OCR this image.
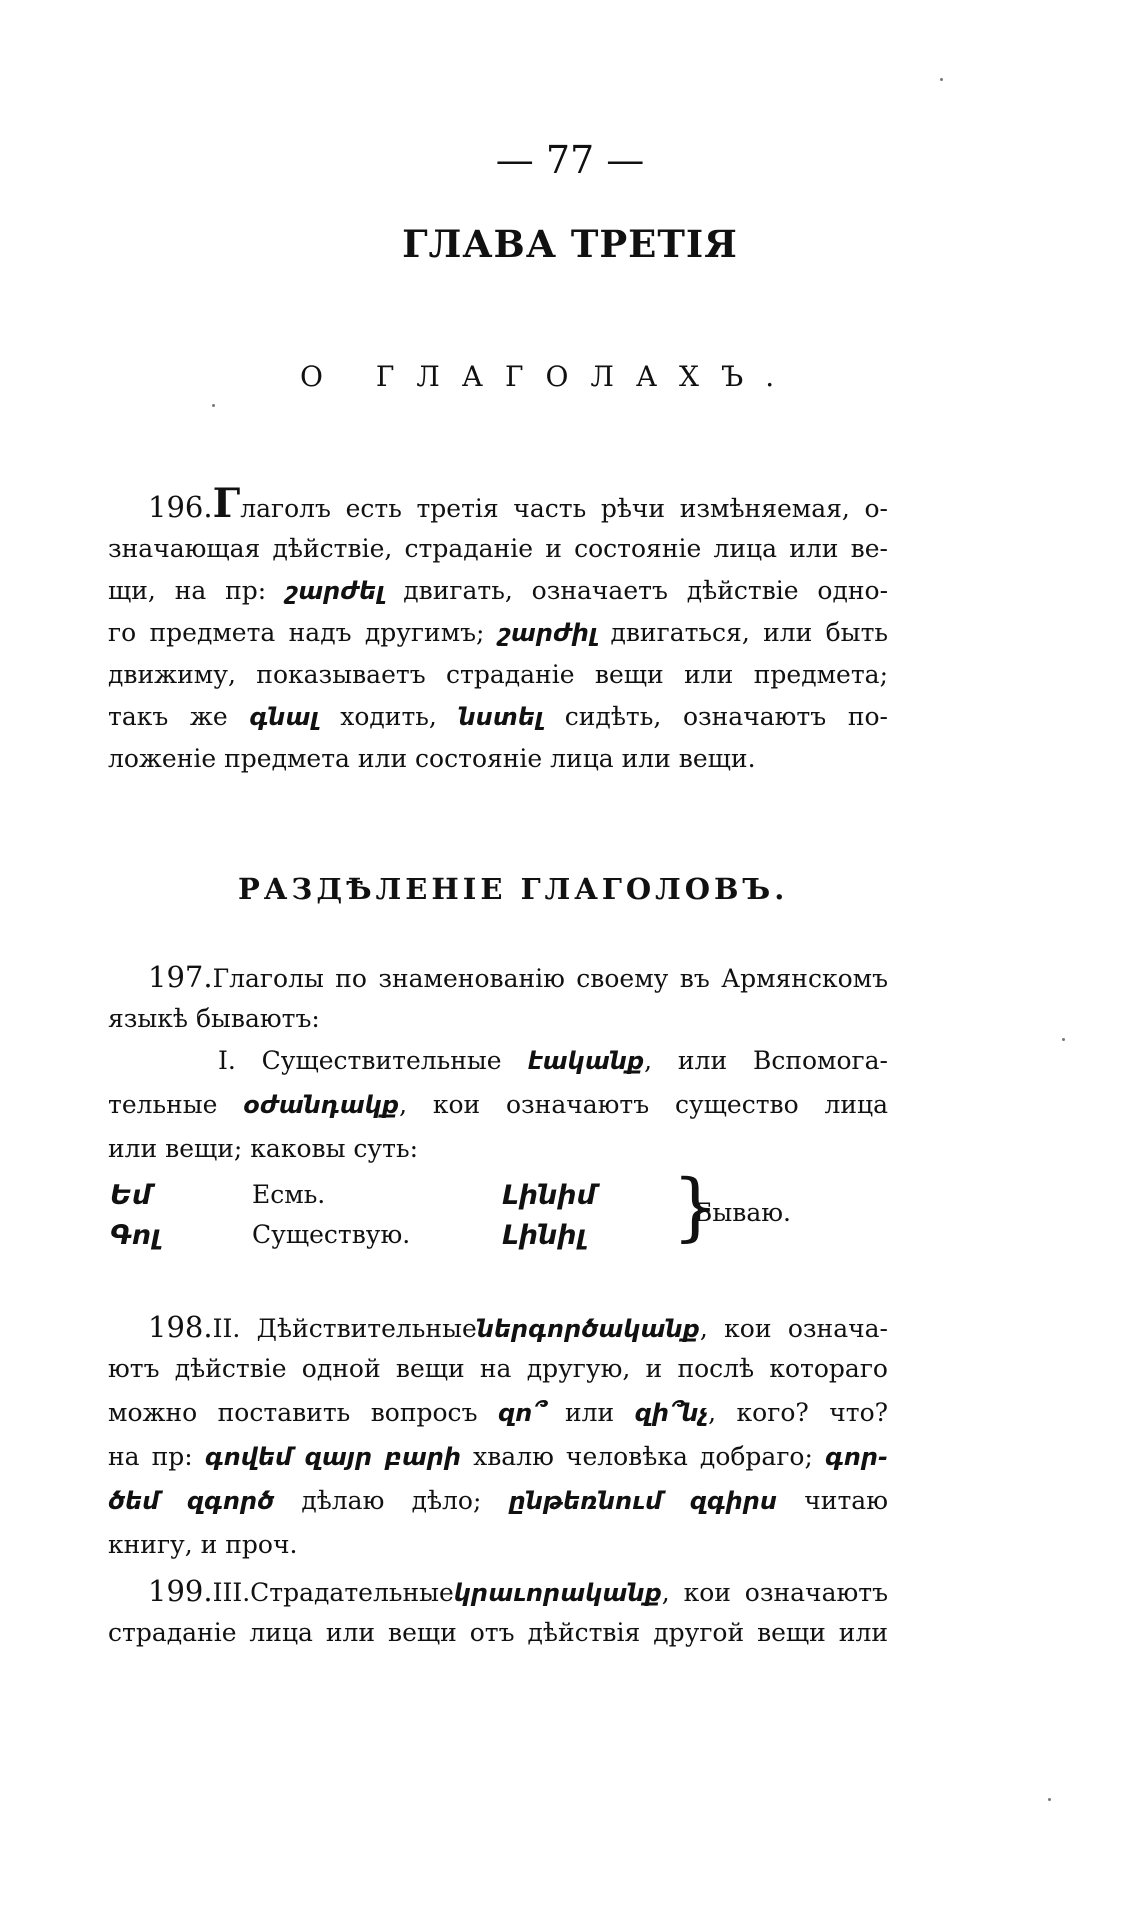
— 77 —
ГЛАВА ТРЕТІЯ
О ГЛАГОЛАХЪ.
196.Глаголъ есть третія часть рѣчи измѣняемая, о-
значающая дѣйствіе, страданіе и состояніе лица или ве-
щи, на пр: շարժել двигать, означаетъ дѣйствіе одно-
го предмета надъ другимъ; շարժիլ двигаться, или быть
движиму, показываетъ страданіе вещи или предмета;
такъ же գնալ ходить, նստել сидѣть, означаютъ по-
ложеніе предмета или состояніе лица или вещи.
РАЗДѢЛЕНІЕ ГЛАГОЛОВЪ.
197.Глаголы по знаменованію своему въ Армянскомъ
языкѣ бываютъ:
I. Существительные էականք, или Вспомога-
тельные օժանդակք, кои означаютъ существо лица
или вещи; каковы суть:
Եմ	Есмь.	Լինիմ
Գոլ	Существую.	Լինիլ }
Бываю.
198.II. Дѣйствительныеներգործականք, кои означа-
ютъ дѣйствіе одной вещи на другую, и послѣ котораго
можно поставить вопросъ զո՞ или զի՞նչ, кого? что?
на пр: գովեմ զայր բարի хвалю человѣка добраго; գոր-
ծեմ զգործ дѣлаю дѣло; ընթեռնում զգիրս читаю
книгу, и проч.
199.III.Страдательныеկրաւորականք, кои означаютъ
страданіе лица или вещи отъ дѣйствія другой вещи или
